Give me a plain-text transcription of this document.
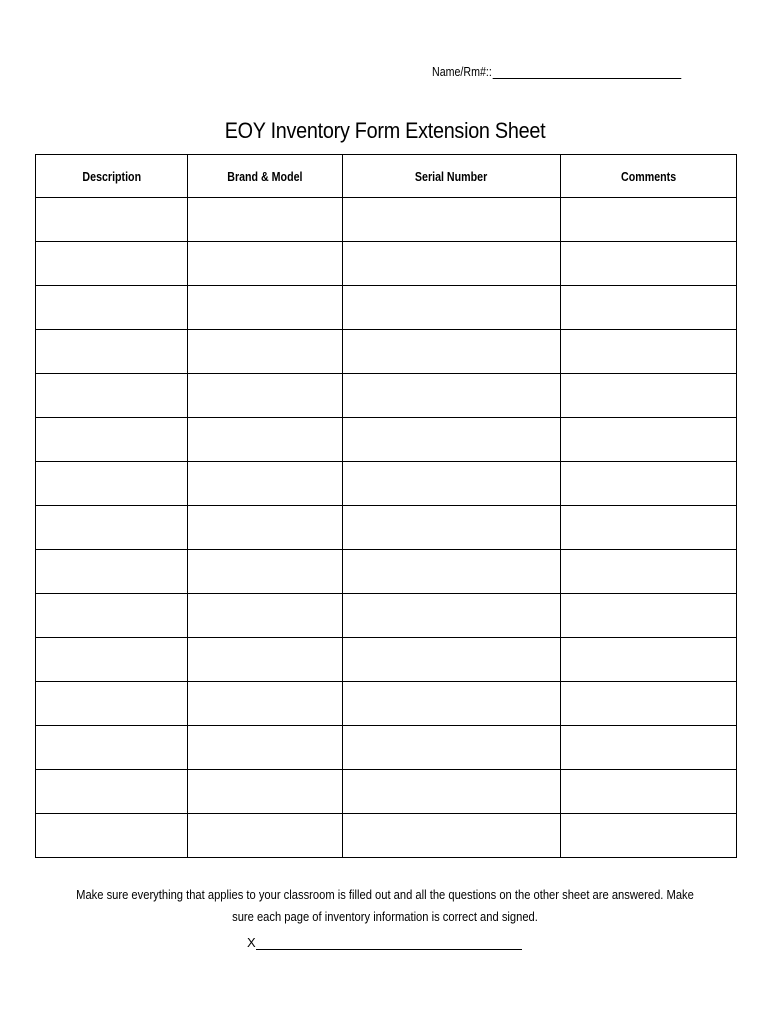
Name/Rm#::
EOY Inventory Form Extension Sheet
Description	Brand & Model	Serial Number	Comments

Make sure everything that applies to your classroom is filled out and all the questions on the other sheet are answered. Make sure each page of inventory information is correct and signed.
X
